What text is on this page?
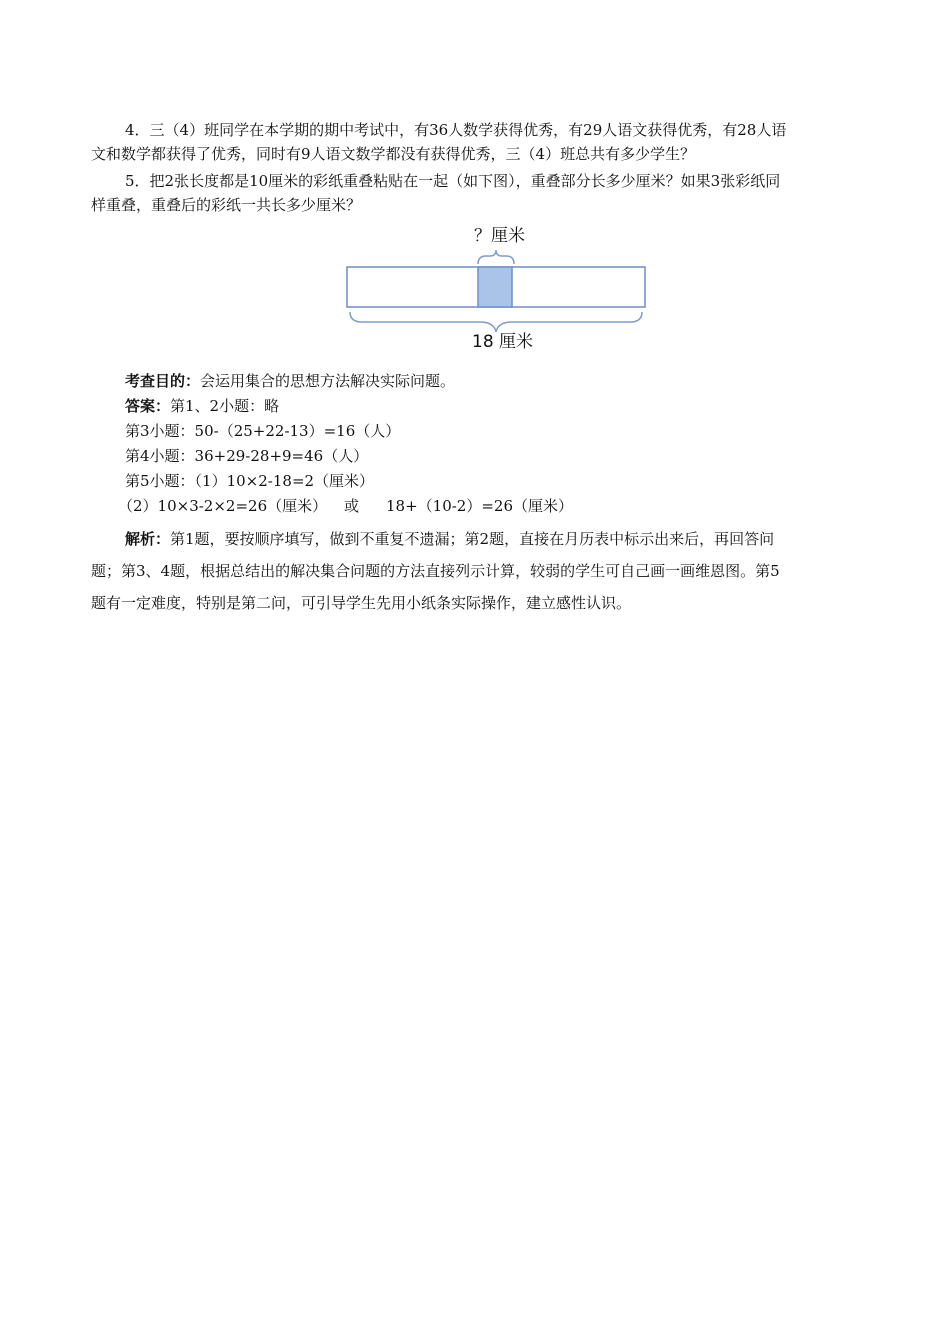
4．三（4）班同学在本学期的期中考试中，有36人数学获得优秀，有29人语文获得优秀，有28人语
文和数学都获得了优秀，同时有9人语文数学都没有获得优秀，三（4）班总共有多少学生？
5．把2张长度都是10厘米的彩纸重叠粘贴在一起（如下图），重叠部分长多少厘米？如果3张彩纸同
样重叠，重叠后的彩纸一共长多少厘米？
？厘米
18 厘米
考查目的：会运用集合的思想方法解决实际问题。
答案：第1、2小题：略
第3小题：50-（25+22-13）=16（人）
第4小题：36+29-28+9=46（人）
第5小题：（1）10×2-18=2（厘米）
（2）10×3-2×2=26（厘米） 或 18+（10-2）=26（厘米）
解析：第1题，要按顺序填写，做到不重复不遗漏；第2题，直接在月历表中标示出来后，再回答问
题；第3、4题，根据总结出的解决集合问题的方法直接列示计算，较弱的学生可自己画一画维恩图。第5
题有一定难度，特别是第二问，可引导学生先用小纸条实际操作，建立感性认识。
